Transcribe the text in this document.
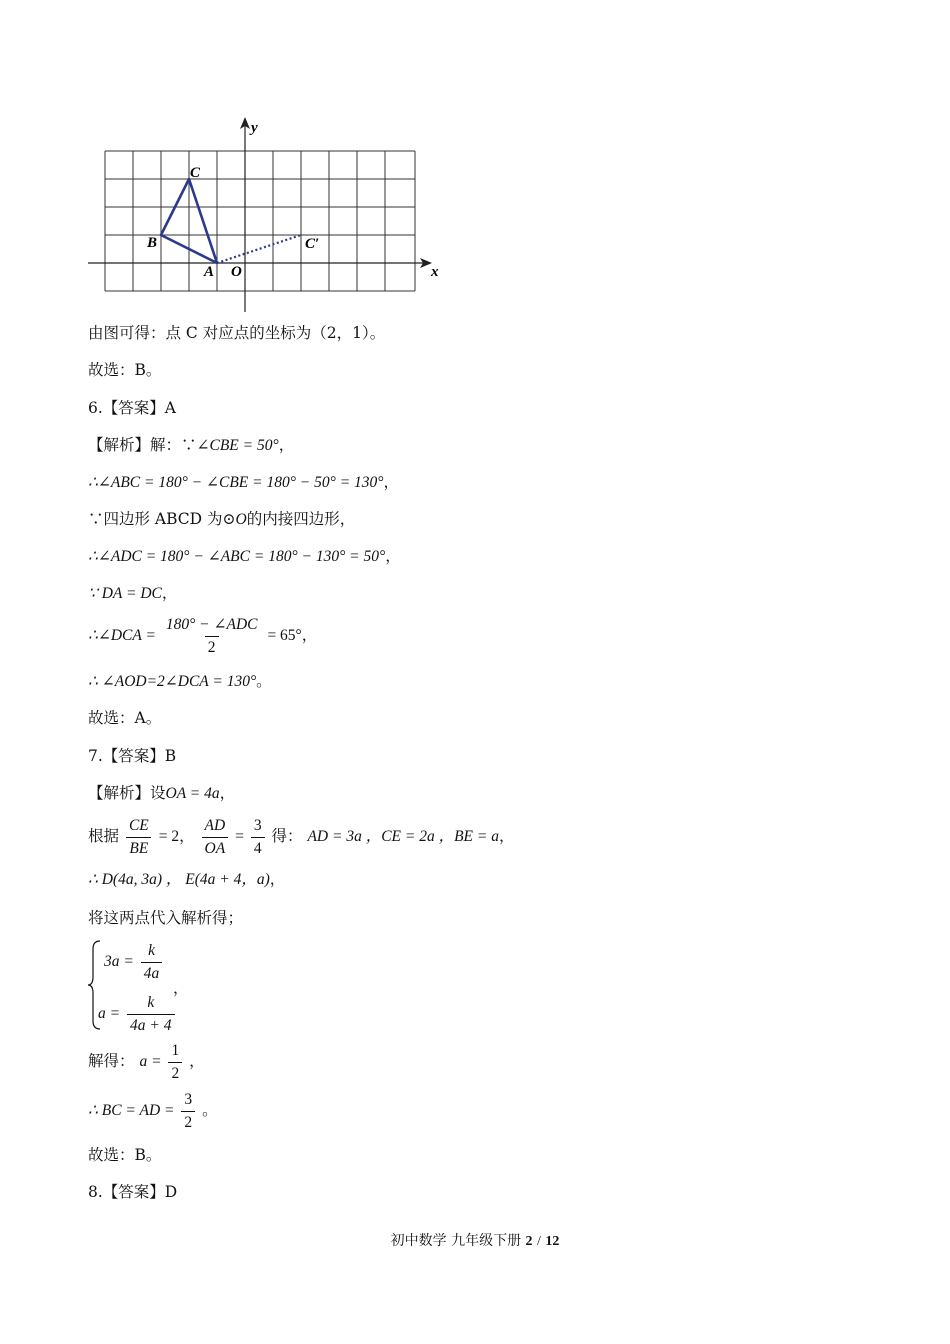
y
x
C
B
A O
C′
由图可得：点 C 对应点的坐标为（2，1）。
故选：B。
6.【答案】A
【解析】解：∵∠CBE = 50°，
∴∠ABC = 180° − ∠CBE = 180° − 50° = 130°，
∵四边形 ABCD 为⊙O的内接四边形，
∴∠ADC = 180° − ∠ABC = 180° − 130° = 50°，
∵ DA = DC，
∴∠DCA = $\frac{\text{180° − ∠ADC}}{2} = 65^\circ$，
∴ ∠AOD=2∠DCA = 130°。
故选：A。
7.【答案】B
【解析】设OA = 4a，
根据 $\frac{CE}{BE} = 2$， $\frac{AD}{OA} = \frac{3}{4}$ 得： AD = 3a ，CE = 2a ，BE = a，
∴ D(4a, 3a) ， E(4a + 4，a)，
将这两点代入解析得；
$3a = \frac{k}{4a}$
$a = \frac{k}{4a + 4}$
，
解得： $a = \frac{1}{2}$ ，
∴ BC = AD = $\frac{3}{2}$ 。
故选：B。
8.【答案】D
初中数学 九年级下册 2 / 12
